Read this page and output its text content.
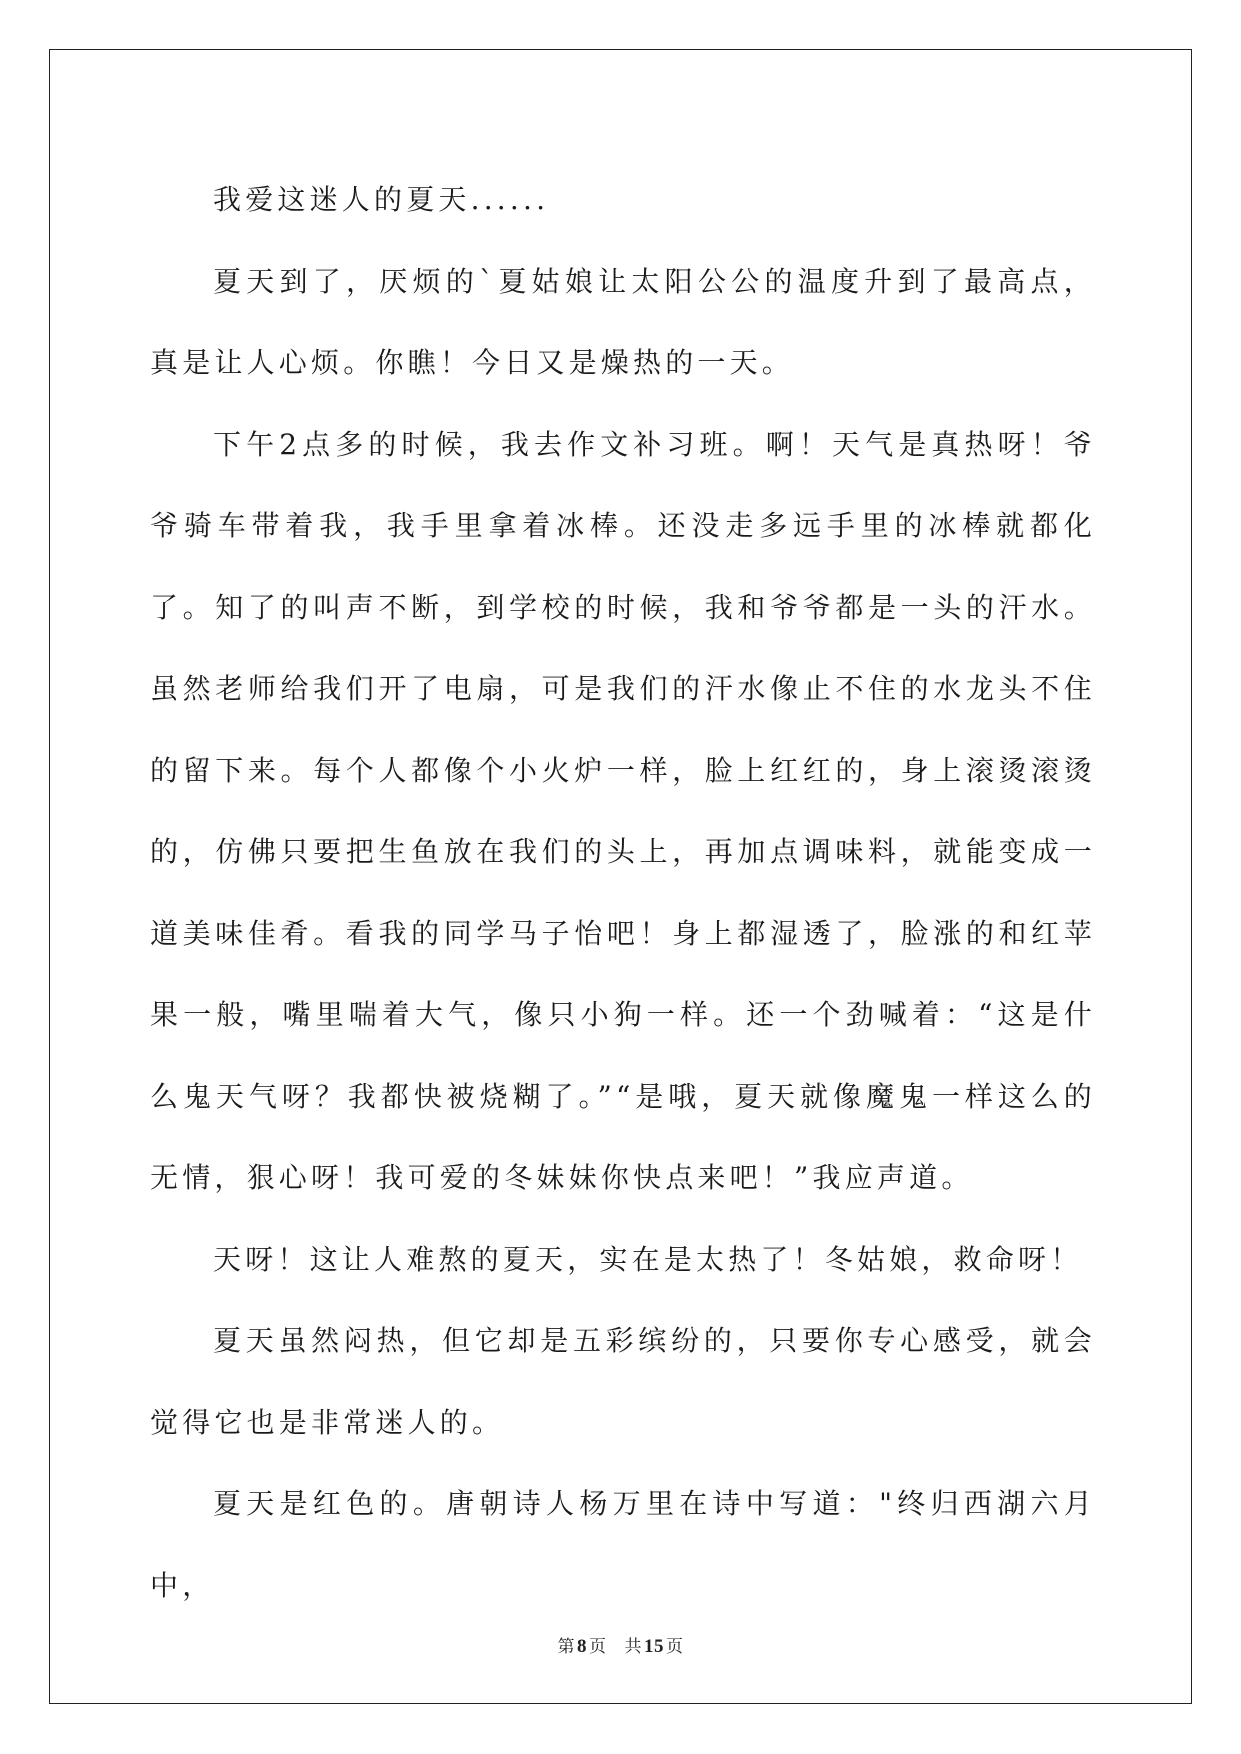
我爱这迷人的夏天......

夏天到了，厌烦的`夏姑娘让太阳公公的温度升到了最高点，真是让人心烦。你瞧！今日又是燥热的一天。

下午2点多的时候，我去作文补习班。啊！天气是真热呀！爷爷骑车带着我，我手里拿着冰棒。还没走多远手里的冰棒就都化了。知了的叫声不断，到学校的时候，我和爷爷都是一头的汗水。虽然老师给我们开了电扇，可是我们的汗水像止不住的水龙头不住的留下来。每个人都像个小火炉一样，脸上红红的，身上滚烫滚烫的，仿佛只要把生鱼放在我们的头上，再加点调味料，就能变成一道美味佳肴。看我的同学马子怡吧！身上都湿透了，脸涨的和红苹果一般，嘴里喘着大气，像只小狗一样。还一个劲喊着：“这是什么鬼天气呀？我都快被烧糊了。”“是哦，夏天就像魔鬼一样这么的无情，狠心呀！我可爱的冬妹妹你快点来吧！”我应声道。

天呀！这让人难熬的夏天，实在是太热了！冬姑娘，救命呀！

夏天虽然闷热，但它却是五彩缤纷的，只要你专心感受，就会觉得它也是非常迷人的。

夏天是红色的。唐朝诗人杨万里在诗中写道："终归西湖六月中，

第 8 页 共 15 页
